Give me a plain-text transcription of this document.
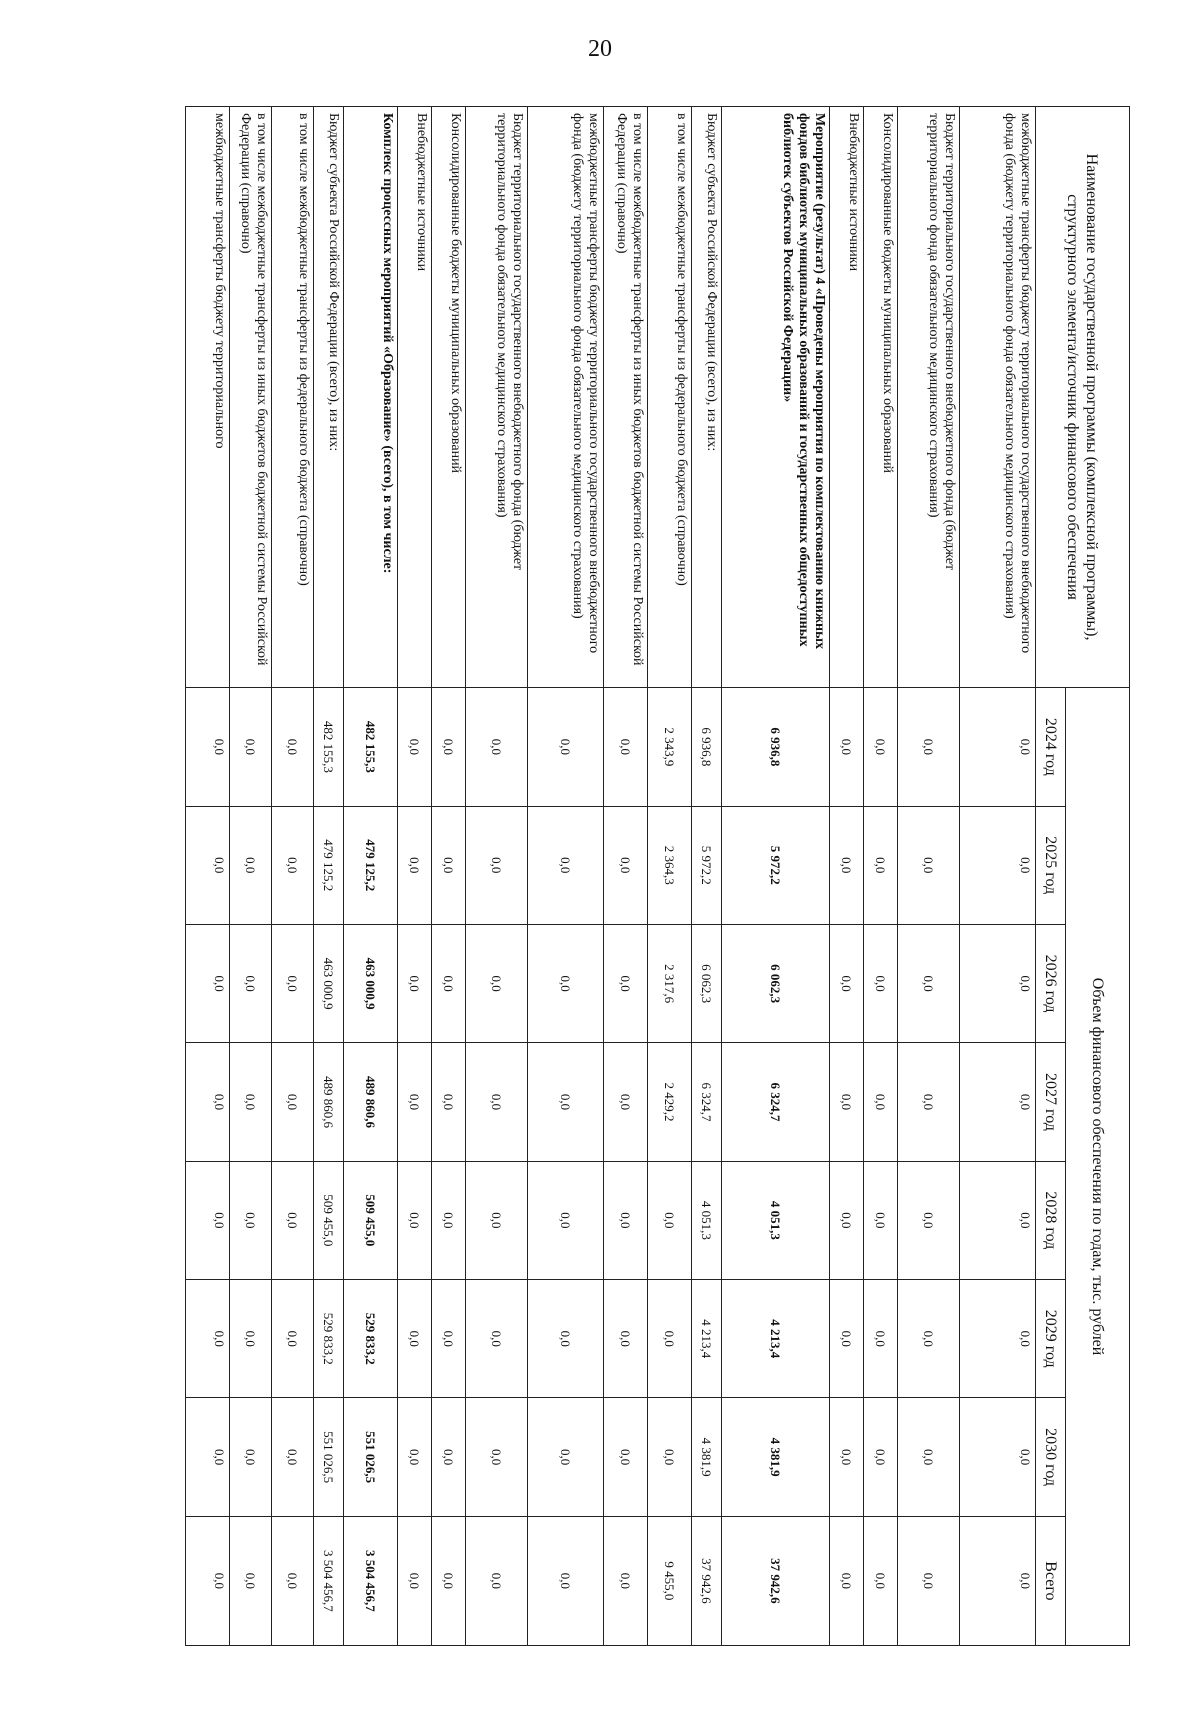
20
Наименование государственной программы (комплексной программы), структурного элемента/источник финансового обеспечения	Объем финансового обеспечения по годам, тыс. рублей							
	2024 год	2025 год	2026 год	2027 год	2028 год	2029 год	2030 год	Всего
межбюджетные трансферты бюджету территориального государственного внебюджетного фонда (бюджету территориального фонда обязательного медицинского страхования)	0,0	0,0	0,0	0,0	0,0	0,0	0,0	0,0
Бюджет территориального государственного внебюджетного фонда (бюджет территориального фонда обязательного медицинского страхования)	0,0	0,0	0,0	0,0	0,0	0,0	0,0	0,0
Консолидированные бюджеты муниципальных образований	0,0	0,0	0,0	0,0	0,0	0,0	0,0	0,0
Внебюджетные источники	0,0	0,0	0,0	0,0	0,0	0,0	0,0	0,0
Мероприятие (результат) 4 «Проведены мероприятия по комплектованию книжных фондов библиотек муниципальных образований и государственных общедоступных библиотек субъектов Российской Федерации»	6 936,8	5 972,2	6 062,3	6 324,7	4 051,3	4 213,4	4 381,9	37 942,6
Бюджет субъекта Российской Федерации (всего), из них:	6 936,8	5 972,2	6 062,3	6 324,7	4 051,3	4 213,4	4 381,9	37 942,6
в том числе межбюджетные трансферты из федерального бюджета (справочно)	2 343,9	2 364,3	2 317,6	2 429,2	0,0	0,0	0,0	9 455,0
в том числе межбюджетные трансферты из иных бюджетов бюджетной системы Российской Федерации (справочно)	0,0	0,0	0,0	0,0	0,0	0,0	0,0	0,0
межбюджетные трансферты бюджету территориального государственного внебюджетного фонда (бюджету территориального фонда обязательного медицинского страхования)	0,0	0,0	0,0	0,0	0,0	0,0	0,0	0,0
Бюджет территориального государственного внебюджетного фонда (бюджет территориального фонда обязательного медицинского страхования)	0,0	0,0	0,0	0,0	0,0	0,0	0,0	0,0
Консолидированные бюджеты муниципальных образований	0,0	0,0	0,0	0,0	0,0	0,0	0,0	0,0
Внебюджетные источники	0,0	0,0	0,0	0,0	0,0	0,0	0,0	0,0
Комплекс процессных мероприятий «Образование» (всего), в том числе:	482 155,3	479 125,2	463 000,9	489 860,6	509 455,0	529 833,2	551 026,5	3 504 456,7
Бюджет субъекта Российской Федерации (всего), из них:	482 155,3	479 125,2	463 000,9	489 860,6	509 455,0	529 833,2	551 026,5	3 504 456,7
в том числе межбюджетные трансферты из федерального бюджета (справочно)	0,0	0,0	0,0	0,0	0,0	0,0	0,0	0,0
в том числе межбюджетные трансферты из иных бюджетов бюджетной системы Российской Федерации (справочно)	0,0	0,0	0,0	0,0	0,0	0,0	0,0	0,0
межбюджетные трансферты бюджету территориального	0,0	0,0	0,0	0,0	0,0	0,0	0,0	0,0
